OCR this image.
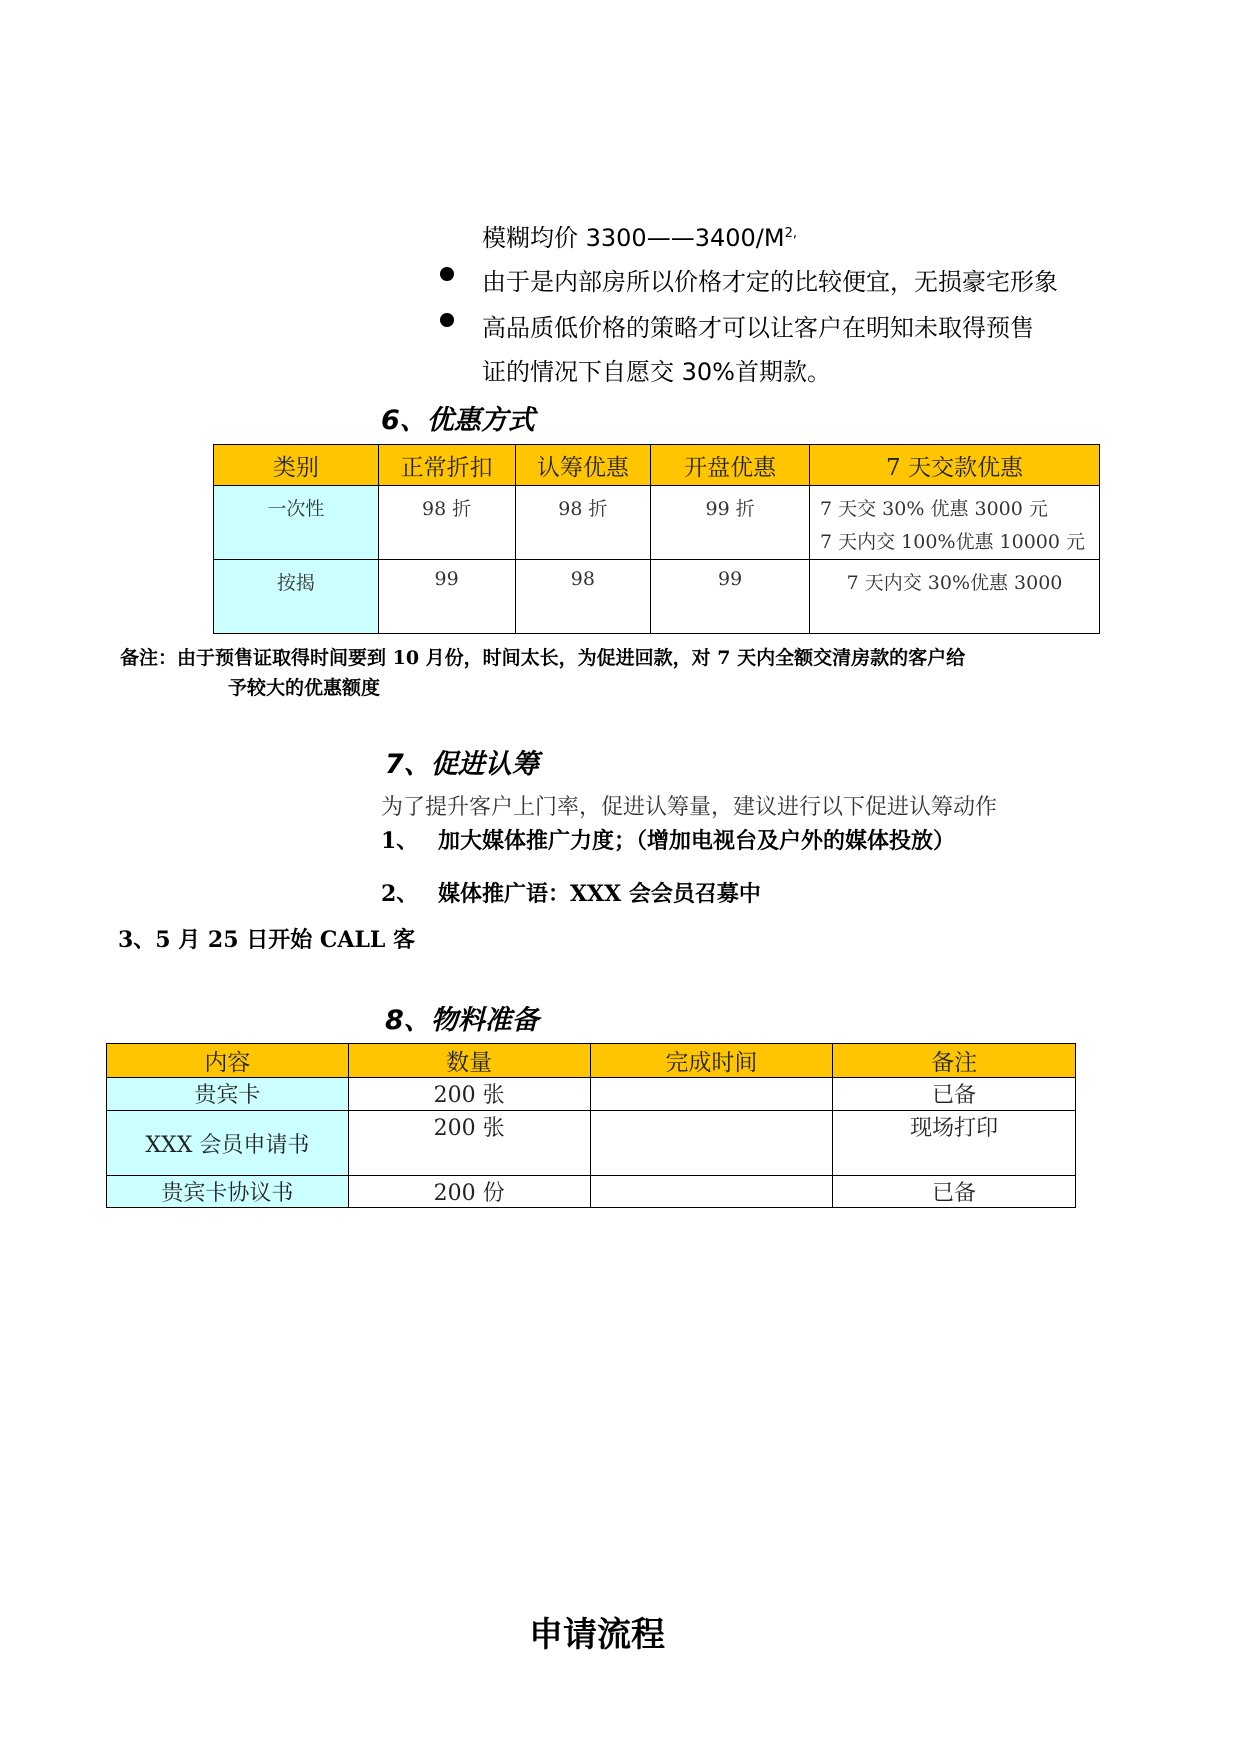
模糊均价 $3300——3400/M^{2,}$
由于是内部房所以价格才定的比较便宜，无损豪宅形象
高品质低价格的策略才可以让客户在明知未取得预售
证的情况下自愿交 30%首期款。
6、优惠方式
类别	正常折扣	认筹优惠	开盘优惠	7 天交款优惠

一次性	98 折	98 折	99 折	7 天交 30% 优惠 3000 元
7 天内交 100%优惠 10000 元

按揭	99	98	99	7 天内交 30%优惠 3000
备注：由于预售证取得时间要到 10 月份，时间太长，为促进回款，对 7 天内全额交清房款的客户给
予较大的优惠额度
7、促进认筹
为了提升客户上门率，促进认筹量，建议进行以下促进认筹动作
1、 加大媒体推广力度；（增加电视台及户外的媒体投放）
2、 媒体推广语：XXX 会会员召募中
3、5 月 25 日开始 CALL 客
8、物料准备
内容	数量	完成时间	备注
贵宾卡	200 张		已备
XXX 会员申请书	200 张		现场打印
贵宾卡协议书	200 份		已备
申请流程
